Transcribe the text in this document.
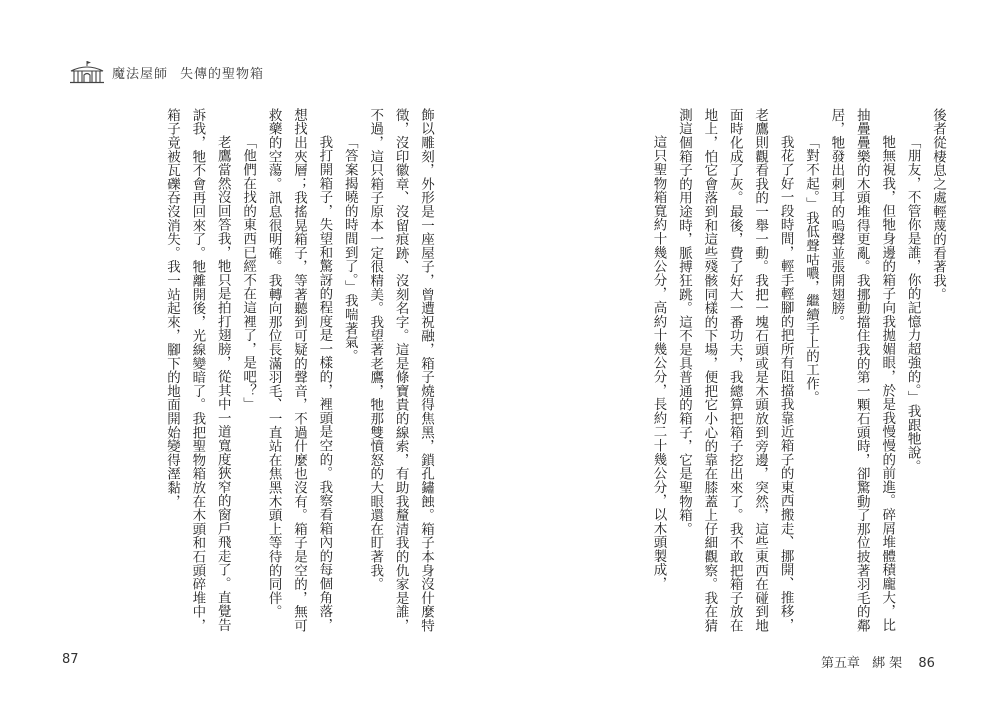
魔法屋師 失傳的聖物箱

後者從棲息之處輕蔑的看著我。

「朋友，不管你是誰，你的記憶力超強的。」我跟牠說。

牠無視我，但牠身邊的箱子向我拋媚眼，於是我慢慢的前進。碎屑堆體積龐大，比抽疊疊樂的木頭堆得更亂。我挪動擋住我的第一顆石頭時，卻驚動了那位披著羽毛的鄰居，牠發出刺耳的嗚聲並張開翅膀。

「對不起。」我低聲咕噥，繼續手上的工作。

我花了好一段時間，輕手輕腳的把所有阻擋我靠近箱子的東西搬走、挪開、推移，老鷹則觀看我的一舉一動。我把一塊石頭或是木頭放到旁邊，突然，這些東西在碰到地面時化成了灰。最後，費了好大一番功夫，我總算把箱子挖出來了。我不敢把箱子放在地上，怕它會落到和這些殘骸同樣的下場，便把它小心的靠在膝蓋上仔細觀察。我在猜測這個箱子的用途時，脈搏狂跳。這不是具普通的箱子，它是聖物箱。

這只聖物箱寬約十幾公分，高約十幾公分，長約二十幾公分，以木頭製成，

飾以雕刻，外形是一座屋子，曾遭祝融，箱子燒得焦黑，鎖孔鏽蝕。箱子本身沒什麼特徵，沒印徽章、沒留痕跡、沒刻名字。這是條寶貴的線索，有助我釐清我的仇家是誰，不過，這只箱子原本一定很精美。我望著老鷹，牠那雙憤怒的大眼還在盯著我。

「答案揭曉的時間到了。」我喘著氣。

我打開箱子，失望和驚訝的程度是一樣的，裡頭是空的。我察看箱內的每個角落，想找出夾層；我搖晃箱子，等著聽到可疑的聲音，不過什麼也沒有。箱子是空的，無可救藥的空蕩。訊息很明確。我轉向那位長滿羽毛、一直站在焦黑木頭上等待的同伴。

「他們在找的東西已經不在這裡了，是吧？」

老鷹當然沒回答我，牠只是拍打翅膀，從其中一道寬度狹窄的窗戶飛走了。直覺告訴我，牠不會再回來了。牠離開後，光線變暗了。我把聖物箱放在木頭和石頭碎堆中，箱子竟被瓦礫吞沒消失。我一站起來，腳下的地面開始變得溼黏，

87	第五章 綁架 86
